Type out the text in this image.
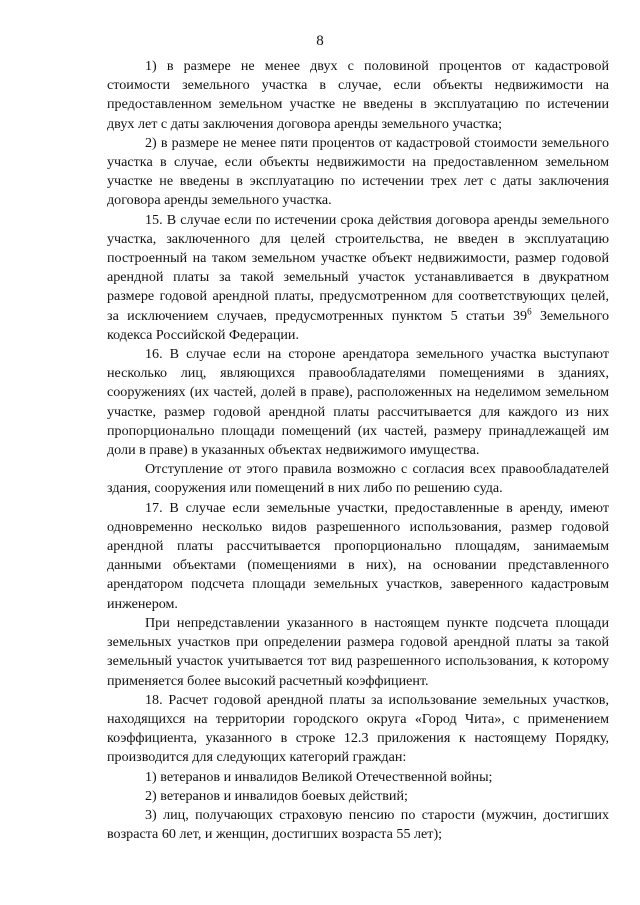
8

1) в размере не менее двух с половиной процентов от кадастровой стоимости земельного участка в случае, если объекты недвижимости на предоставленном земельном участке не введены в эксплуатацию по истечении двух лет с даты заключения договора аренды земельного участка;

2) в размере не менее пяти процентов от кадастровой стоимости земельного участка в случае, если объекты недвижимости на предоставленном земельном участке не введены в эксплуатацию по истечении трех лет с даты заключения договора аренды земельного участка.

15. В случае если по истечении срока действия договора аренды земельного участка, заключенного для целей строительства, не введен в эксплуатацию построенный на таком земельном участке объект недвижимости, размер годовой арендной платы за такой земельный участок устанавливается в двукратном размере годовой арендной платы, предусмотренном для соответствующих целей, за исключением случаев, предусмотренных пунктом 5 статьи $39^6$ Земельного кодекса Российской Федерации.

16. В случае если на стороне арендатора земельного участка выступают несколько лиц, являющихся правообладателями помещениями в зданиях, сооружениях (их частей, долей в праве), расположенных на неделимом земельном участке, размер годовой арендной платы рассчитывается для каждого из них пропорционально площади помещений (их частей, размеру принадлежащей им доли в праве) в указанных объектах недвижимого имущества.

Отступление от этого правила возможно с согласия всех правообладателей здания, сооружения или помещений в них либо по решению суда.

17. В случае если земельные участки, предоставленные в аренду, имеют одновременно несколько видов разрешенного использования, размер годовой арендной платы рассчитывается пропорционально площадям, занимаемым данными объектами (помещениями в них), на основании представленного арендатором подсчета площади земельных участков, заверенного кадастровым инженером.

При непредставлении указанного в настоящем пункте подсчета площади земельных участков при определении размера годовой арендной платы за такой земельный участок учитывается тот вид разрешенного использования, к которому применяется более высокий расчетный коэффициент.

18. Расчет годовой арендной платы за использование земельных участков, находящихся на территории городского округа «Город Чита», с применением коэффициента, указанного в строке 12.3 приложения к настоящему Порядку, производится для следующих категорий граждан:

1) ветеранов и инвалидов Великой Отечественной войны;

2) ветеранов и инвалидов боевых действий;

3) лиц, получающих страховую пенсию по старости (мужчин, достигших возраста 60 лет, и женщин, достигших возраста 55 лет);
